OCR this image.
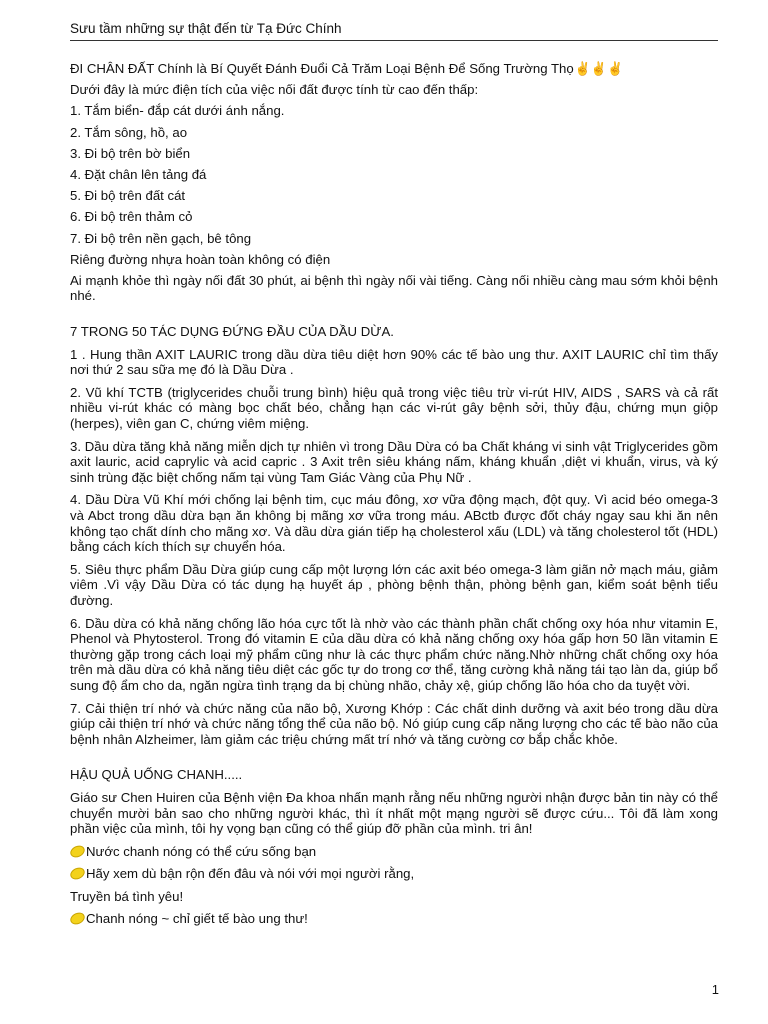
Sưu tầm những sự thật đến từ Tạ Đức Chính

ĐI CHÂN ĐẤT Chính là Bí Quyết Đánh Đuổi Cả Trăm Loại Bệnh Để Sống Trường Thọ✌✌✌

Dưới đây là mức điện tích của việc nối đất được tính từ cao đến thấp:

1. Tắm biển- đắp cát dưới ánh nắng.

2. Tắm sông, hồ, ao

3. Đi bộ trên bờ biển

4. Đặt chân lên tảng đá

5. Đi bộ trên đất cát

6. Đi bộ trên thảm cỏ

7. Đi bộ trên nền gạch, bê tông

Riêng đường nhựa hoàn toàn không có điện

Ai mạnh khỏe thì ngày nối đất 30 phút, ai bệnh thì ngày nối vài tiếng. Càng nối nhiều càng mau sớm khỏi bệnh nhé.

7 TRONG 50 TÁC DỤNG ĐỨNG ĐẦU CỦA DẦU DỪA.

1 . Hung thần AXIT LAURIC trong dầu dừa tiêu diệt hơn 90% các tế bào ung thư. AXIT LAURIC chỉ tìm thấy nơi thứ 2 sau sữa mẹ đó là Dầu Dừa .

2. Vũ khí TCTB (triglycerides chuỗi trung bình) hiệu quả trong việc tiêu trừ vi-rút HIV, AIDS , SARS và cả rất nhiều vi-rút khác có màng bọc chất béo, chẳng hạn các vi-rút gây bệnh sởi, thủy đậu, chứng mụn giộp (herpes), viên gan C, chứng viêm miệng.

3. Dầu dừa tăng khả năng miễn dịch tự nhiên vì trong Dầu Dừa có ba Chất kháng vi sinh vật Triglycerides gồm axit lauric, acid caprylic và acid capric . 3 Axit trên siêu kháng nấm, kháng khuẩn ,diệt vi khuẩn, virus, và ký sinh trùng đặc biệt chống nấm tại vùng Tam Giác Vàng của Phụ Nữ .

4. Dầu Dừa Vũ Khí mới chống lại bệnh tim, cục máu đông, xơ vữa động mạch, đột quỵ. Vì acid béo omega-3 và Abct trong dầu dừa bạn ăn không bị mãng xơ vữa trong máu. ABctb được đốt cháy ngay sau khi ăn nên không tạo chất dính cho mãng xơ. Và dầu dừa gián tiếp hạ cholesterol xấu (LDL) và tăng cholesterol tốt (HDL) bằng cách kích thích sự chuyển hóa.

5. Siêu thực phẩm Dầu Dừa giúp cung cấp một lượng lớn các axit béo omega-3 làm giãn nở mạch máu, giảm viêm .Vì vậy Dầu Dừa có tác dụng hạ huyết áp , phòng bệnh thận, phòng bệnh gan, kiểm soát bệnh tiểu đường.

6. Dầu dừa có khả năng chống lão hóa cực tốt là nhờ vào các thành phần chất chống oxy hóa như vitamin E, Phenol và Phytosterol. Trong đó vitamin E của dầu dừa có khả năng chống oxy hóa gấp hơn 50 lần vitamin E thường gặp trong cách loại mỹ phẩm cũng như là các thực phẩm chức năng.Nhờ những chất chống oxy hóa trên mà dầu dừa có khả năng tiêu diệt các gốc tự do trong cơ thể, tăng cường khả năng tái tạo làn da, giúp bổ sung độ ẩm cho da, ngăn ngừa tình trạng da bị chùng nhão, chảy xệ, giúp chống lão hóa cho da tuyệt vời.

7. Cải thiện trí nhớ và chức năng của não bộ, Xương Khớp : Các chất dinh dưỡng và axit béo trong dầu dừa giúp cải thiện trí nhớ và chức năng tổng thể của não bộ. Nó giúp cung cấp năng lượng cho các tế bào não của bệnh nhân Alzheimer, làm giảm các triệu chứng mất trí nhớ và tăng cường cơ bắp chắc khỏe.

HẬU QUẢ UỐNG CHANH.....

Giáo sư Chen Huiren của Bệnh viện Đa khoa nhấn mạnh rằng nếu những người nhận được bản tin này có thể chuyển mười bản sao cho những người khác, thì ít nhất một mạng người sẽ được cứu... Tôi đã làm xong phần việc của mình, tôi hy vọng bạn cũng có thể giúp đỡ phần của mình. tri ân!

Nước chanh nóng có thể cứu sống bạn

Hãy xem dù bận rộn đến đâu và nói với mọi người rằng,

Truyền bá tình yêu!

Chanh nóng ~ chỉ giết tế bào ung thư!

1
